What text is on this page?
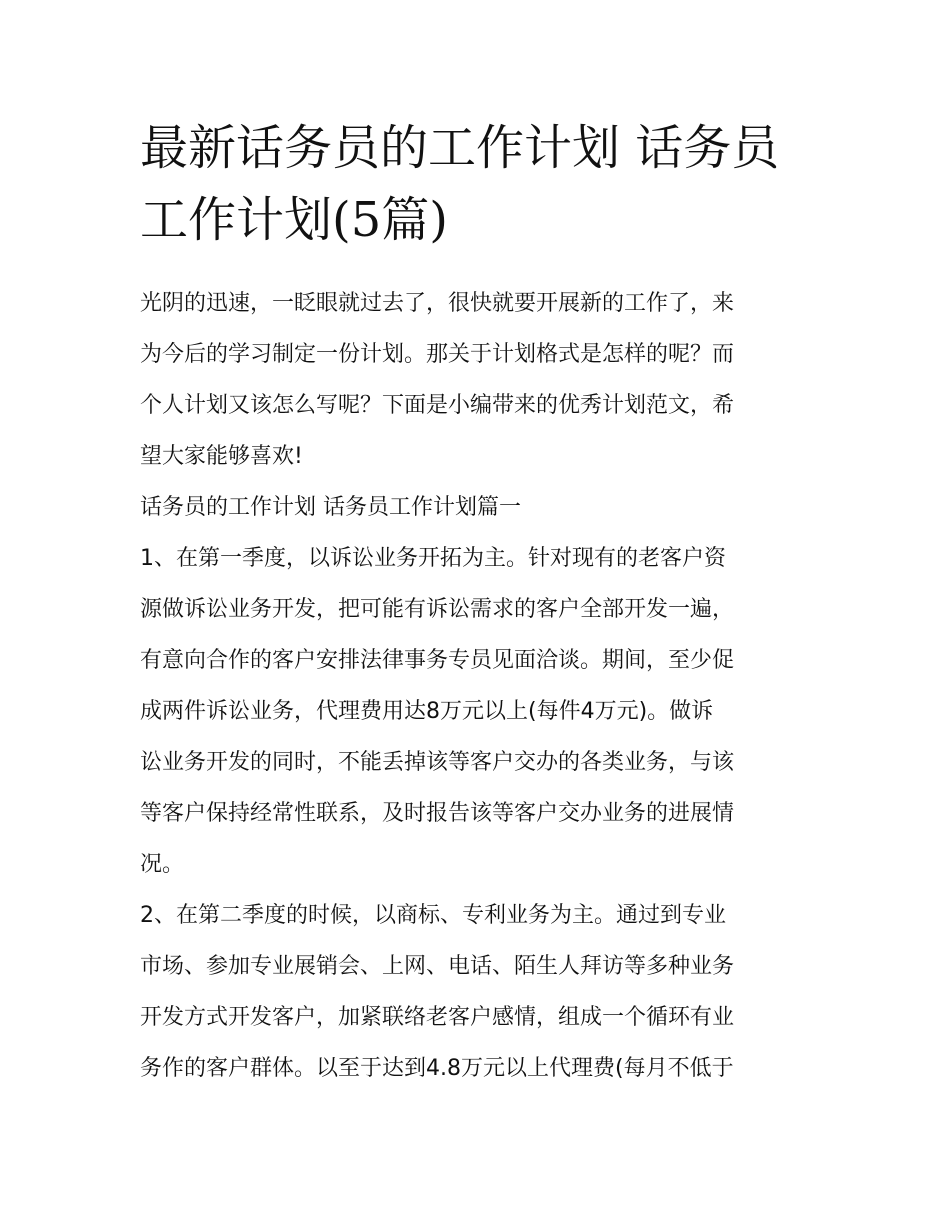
最新话务员的工作计划 话务员
工作计划(5篇)

光阴的迅速，一眨眼就过去了，很快就要开展新的工作了，来
为今后的学习制定一份计划。那关于计划格式是怎样的呢？而
个人计划又该怎么写呢？下面是小编带来的优秀计划范文，希
望大家能够喜欢!

话务员的工作计划 话务员工作计划篇一

1、在第一季度，以诉讼业务开拓为主。针对现有的老客户资
源做诉讼业务开发，把可能有诉讼需求的客户全部开发一遍，
有意向合作的客户安排法律事务专员见面洽谈。期间，至少促
成两件诉讼业务，代理费用达8万元以上(每件4万元)。做诉
讼业务开发的同时，不能丢掉该等客户交办的各类业务，与该
等客户保持经常性联系，及时报告该等客户交办业务的进展情
况。

2、在第二季度的时候，以商标、专利业务为主。通过到专业
市场、参加专业展销会、上网、电话、陌生人拜访等多种业务
开发方式开发客户，加紧联络老客户感情，组成一个循环有业
务作的客户群体。以至于达到4.8万元以上代理费(每月不低于
